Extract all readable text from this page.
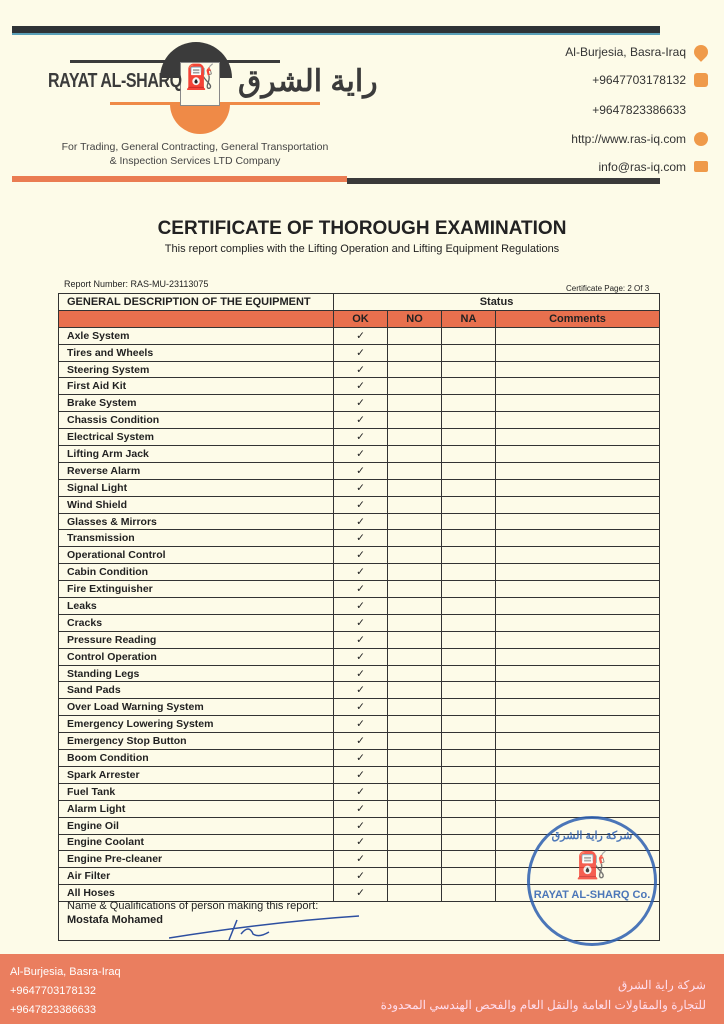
⛽
RAYAT AL-SHARQ راية الشرق
For Trading, General Contracting, General Transportation
& Inspection Services LTD Company
Al-Burjesia, Basra-Iraq
+9647703178132
+9647823386633
http://www.ras-iq.com
info@ras-iq.com
CERTIFICATE OF THOROUGH EXAMINATION
This report complies with the Lifting Operation and Lifting Equipment Regulations
Report Number: RAS-MU-23113075	Certificate Page: 2 Of 3
GENERAL DESCRIPTION OF THE EQUIPMENT	Status			
	OK	NO	NA	Comments
Axle System	✓			
Tires and Wheels	✓			
Steering System	✓			
First Aid Kit	✓			
Brake System	✓			
Chassis Condition	✓			
Electrical System	✓			
Lifting Arm Jack	✓			
Reverse Alarm	✓			
Signal Light	✓			
Wind Shield	✓			
Glasses & Mirrors	✓			
Transmission	✓			
Operational Control	✓			
Cabin Condition	✓			
Fire Extinguisher	✓			
Leaks	✓			
Cracks	✓			
Pressure Reading	✓			
Control Operation	✓			
Standing Legs	✓			
Sand Pads	✓			
Over Load Warning System	✓			
Emergency Lowering System	✓			
Emergency Stop Button	✓			
Boom Condition	✓			
Spark Arrester	✓			
Fuel Tank	✓			
Alarm Light	✓			
Engine Oil	✓			
Engine Coolant	✓			
Engine Pre-cleaner	✓			
Air Filter	✓			
All Hoses	✓			
Name & Qualifications of person making this report:
Mostafa Mohamed
شركة راية الشرق
⛽
RAYAT AL-SHARQ Co.
Al-Burjesia, Basra-Iraq
+9647703178132
+9647823386633
شركة راية الشرق
للتجارة والمقاولات العامة والنقل العام والفحص الهندسي المحدودة
